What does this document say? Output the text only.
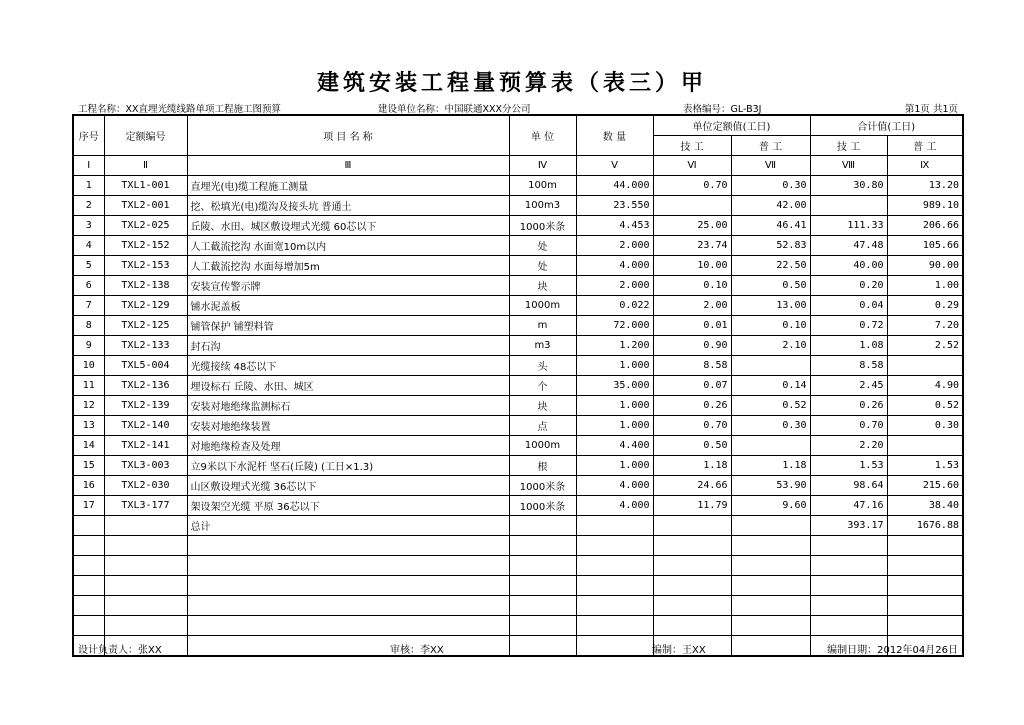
建筑安装工程量预算表（表三）甲
工程名称：XX直埋光缆线路单项工程施工图预算	建设单位名称：中国联通XXX分公司	表格编号：GL-B3J	第1页 共1页
序号	定额编号	项 目 名 称	单 位	数 量	单位定额值(工日)		合计值(工日)	
					技 工	普 工	技 工	普 工
Ⅰ	Ⅱ	Ⅲ	Ⅳ	Ⅴ	Ⅵ	Ⅶ	Ⅷ	Ⅸ
1	TXL1-001	直埋光(电)缆工程施工测量	100m	44.000	0.70	0.30	30.80	13.20
2	TXL2-001	挖、松填光(电)缆沟及接头坑 普通土	100m3	23.550		42.00		989.10
3	TXL2-025	丘陵、水田、城区敷设埋式光缆 60芯以下	1000米条	4.453	25.00	46.41	111.33	206.66
4	TXL2-152	人工截流挖沟 水面宽10m以内	处	2.000	23.74	52.83	47.48	105.66
5	TXL2-153	人工截流挖沟 水面每增加5m	处	4.000	10.00	22.50	40.00	90.00
6	TXL2-138	安装宣传警示牌	块	2.000	0.10	0.50	0.20	1.00
7	TXL2-129	铺水泥盖板	1000m	0.022	2.00	13.00	0.04	0.29
8	TXL2-125	铺管保护 铺塑料管	m	72.000	0.01	0.10	0.72	7.20
9	TXL2-133	封石沟	m3	1.200	0.90	2.10	1.08	2.52
10	TXL5-004	光缆接续 48芯以下	头	1.000	8.58		8.58	
11	TXL2-136	埋设标石 丘陵、水田、城区	个	35.000	0.07	0.14	2.45	4.90
12	TXL2-139	安装对地绝缘监测标石	块	1.000	0.26	0.52	0.26	0.52
13	TXL2-140	安装对地绝缘装置	点	1.000	0.70	0.30	0.70	0.30
14	TXL2-141	对地绝缘检查及处理	1000m	4.400	0.50		2.20	
15	TXL3-003	立9米以下水泥杆 坚石(丘陵) (工日×1.3)	根	1.000	1.18	1.18	1.53	1.53
16	TXL2-030	山区敷设埋式光缆 36芯以下	1000米条	4.000	24.66	53.90	98.64	215.60
17	TXL3-177	架设架空光缆 平原 36芯以下	1000米条	4.000	11.79	9.60	47.16	38.40
		总计					393.17	1676.88

设计负责人：张XX	审核：李XX	编制：王XX	编制日期：2012年04月26日
